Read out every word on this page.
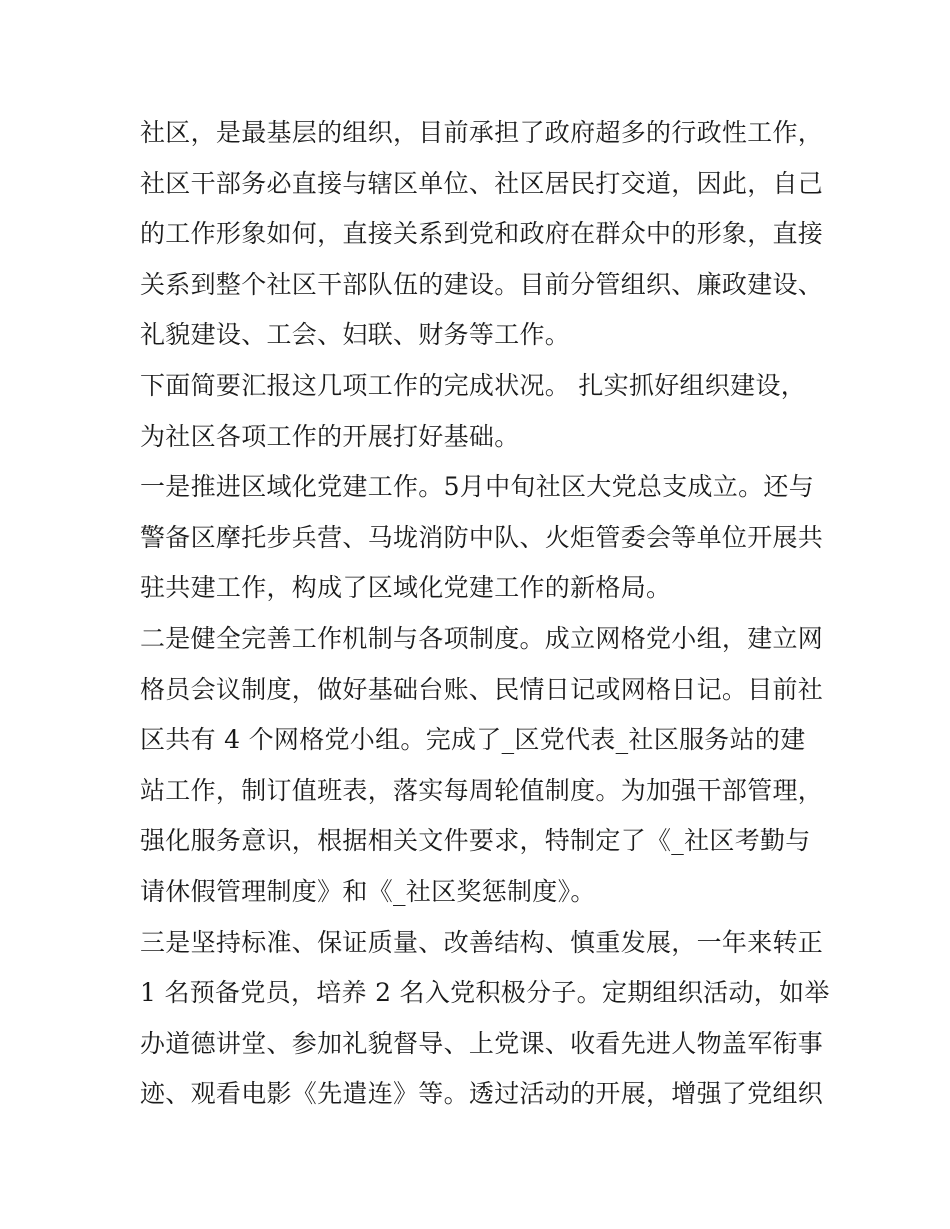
社区，是最基层的组织，目前承担了政府超多的行政性工作，
社区干部务必直接与辖区单位、社区居民打交道，因此，自己
的工作形象如何，直接关系到党和政府在群众中的形象，直接
关系到整个社区干部队伍的建设。目前分管组织、廉政建设、
礼貌建设、工会、妇联、财务等工作。
下面简要汇报这几项工作的完成状况。 扎实抓好组织建设，
为社区各项工作的开展打好基础。
一是推进区域化党建工作。5月中旬社区大党总支成立。还与
警备区摩托步兵营、马垅消防中队、火炬管委会等单位开展共
驻共建工作，构成了区域化党建工作的新格局。
二是健全完善工作机制与各项制度。成立网格党小组，建立网
格员会议制度，做好基础台账、民情日记或网格日记。目前社
区共有 4 个网格党小组。完成了_区党代表_社区服务站的建
站工作，制订值班表，落实每周轮值制度。为加强干部管理，
强化服务意识，根据相关文件要求，特制定了《_社区考勤与
请休假管理制度》和《_社区奖惩制度》。
三是坚持标准、保证质量、改善结构、慎重发展，一年来转正
1 名预备党员，培养 2 名入党积极分子。定期组织活动，如举
办道德讲堂、参加礼貌督导、上党课、收看先进人物盖军衔事
迹、观看电影《先遣连》等。透过活动的开展，增强了党组织
